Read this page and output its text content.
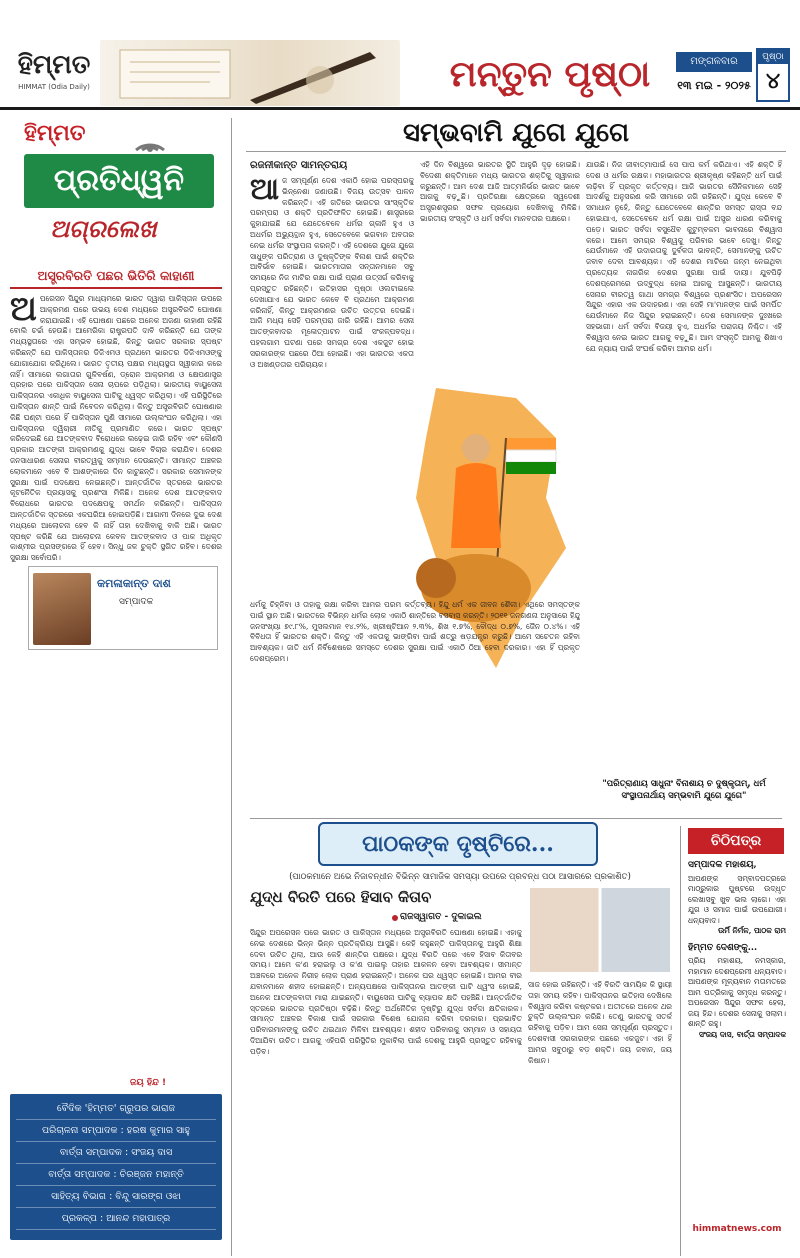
ହିମ୍ମତ
HIMMAT (Odia Daily)	ମନ୍ତୁନ ପୃଷ୍ଠା	ମଙ୍ଗଳବାର
୧୩ ମଇ - ୨୦୨୫
ପୃଷ୍ଠା
୪
ହିମ୍ମତ
ପ୍ରତିଧ୍ୱନି
ଅଗ୍ରଲେଖ
ଅସ୍ତ୍ରବିରତି ପଛର ଭିତିରି କାହାଣୀ
ଅ ପରେସନ ସିନ୍ଦୁର ମାଧ୍ୟମରେ ଭାରତ ଦ୍ୱାରା ପାକିସ୍ତାନ ଉପରେ ଆକ୍ରମଣ ପରେ ଉଭୟ ଦେଶ ମଧ୍ୟରେ ଅସ୍ତ୍ରବିରତି ଘୋଷଣା କରାଯାଇଛି। ଏହି ଘୋଷଣା ପଛରେ ଅନେକ ଅଜଣା କାହାଣୀ ରହିଛି ବୋଲି ଚର୍ଚ୍ଚା ହେଉଛି। ଆମେରିକା ରାଷ୍ଟ୍ରପତି ଦାବି କରିଛନ୍ତି ଯେ ତାଙ୍କ ମଧ୍ୟସ୍ଥତାରେ ଏହା ସମ୍ଭବ ହୋଇଛି, କିନ୍ତୁ ଭାରତ ସରକାର ସ୍ପଷ୍ଟ କରିଛନ୍ତି ଯେ ପାକିସ୍ତାନର ଡିଜିଏମଓ ପ୍ରଥମେ ଭାରତର ଡିଜିଏମଓଙ୍କୁ ଯୋଗାଯୋଗ କରିଥିଲେ। ଭାରତ ତୃତୀୟ ପକ୍ଷର ମଧ୍ୟସ୍ଥତା ସ୍ୱୀକାର କରେ ନାହିଁ। ସୀମାରେ ଲଗାତାର ଗୁଳିବର୍ଷଣ, ଡ୍ରୋନ ଆକ୍ରମଣ ଓ କ୍ଷେପଣାସ୍ତ୍ର ପ୍ରହାର ପରେ ପାକିସ୍ତାନ ସେନା ଚାପରେ ପଡ଼ିଥିଲା। ଭାରତୀୟ ବାୟୁସେନା ପାକିସ୍ତାନର ଏକାଧିକ ବାୟୁସେନା ଘାଟିକୁ ଧ୍ୱସ୍ତ କରିଥିଲା। ଏହି ପରିସ୍ଥିତିରେ ପାକିସ୍ତାନ ଶାନ୍ତି ପାଇଁ ନିବେଦନ କରିଥିଲା। କିନ୍ତୁ ଅସ୍ତ୍ରବିରତି ଘୋଷଣାର କିଛି ଘଣ୍ଟା ପରେ ହିଁ ପାକିସ୍ତାନ ପୁଣି ସୀମାରେ ଉଲ୍ଲଂଘନ କରିଥିଲା। ଏହା ପାକିସ୍ତାନର ଦ୍ୱିଚାରୀ ନୀତିକୁ ପ୍ରମାଣିତ କରେ। ଭାରତ ସ୍ପଷ୍ଟ କରିଦେଇଛି ଯେ ଆତଙ୍କବାଦ ବିରୋଧରେ ଲଢ଼େଇ ଜାରି ରହିବ ଏବଂ କୌଣସି ପ୍ରକାର ଆତଙ୍କୀ ଆକ୍ରମଣକୁ ଯୁଦ୍ଧ ଭାବେ ବିଚାର କରାଯିବ। ଦେଶର ଜନସାଧାରଣ ସେନାର ବୀରତ୍ୱକୁ ସମ୍ମାନ ଦେଉଛନ୍ତି। ସୀମାନ୍ତ ଅଞ୍ଚଳର ଲୋକମାନେ ଏବେ ବି ଆଶଙ୍କାରେ ଦିନ କାଟୁଛନ୍ତି। ସରକାର ସେମାନଙ୍କ ସୁରକ୍ଷା ପାଇଁ ପଦକ୍ଷେପ ନେଇଛନ୍ତି। ଆନ୍ତର୍ଜାତିକ ସ୍ତରରେ ଭାରତର କୂଟନୈତିକ ପ୍ରୟାସକୁ ପ୍ରଶଂସା ମିଳିଛି। ଅନେକ ଦେଶ ଆତଙ୍କବାଦ ବିରୋଧରେ ଭାରତର ପଦକ୍ଷେପକୁ ସମର୍ଥନ କରିଛନ୍ତି। ପାକିସ୍ତାନ ଆନ୍ତର୍ଜାତିକ ସ୍ତରରେ ଏକଘରିଆ ହୋଇପଡ଼ିଛି। ଆଗାମୀ ଦିନରେ ଦୁଇ ଦେଶ ମଧ୍ୟରେ ଆଲୋଚନା ହେବ କି ନାହିଁ ତାହା ଦେଖିବାକୁ ବାକି ଅଛି। ଭାରତ ସ୍ପଷ୍ଟ କରିଛି ଯେ ଆଲୋଚନା କେବଳ ଆତଙ୍କବାଦ ଓ ପାକ ଅଧିକୃତ କାଶ୍ମୀର ପ୍ରସଙ୍ଗରେ ହିଁ ହେବ। ସିନ୍ଧୁ ଜଳ ଚୁକ୍ତି ସ୍ଥଗିତ ରହିବ। ଦେଶର ସୁରକ୍ଷା ସର୍ବୋପରି।
କମଳାକାନ୍ତ ଦାଶ
ସମ୍ପାଦକ
ଜୟ ହିନ୍ଦ !
ବୈଦିକ 'ହିମ୍ମତ' ଗ୍ରୁପର ଭାରାଜ
ପରିଚାଳନା ସମ୍ପାଦକ : ହରଷ କୁମାର ସାହୁ
ବାର୍ତ୍ତା ସମ୍ପାଦକ : ସଂଜୟ ଦାସ
ବାର୍ତ୍ତା ସମ୍ପାଦକ : ଚିରଞ୍ଜନ ମହାନ୍ତି
ସାହିତ୍ୟ ବିଭାଗ : ବିନ୍ଦୁ ସାରଙ୍ଗ ଓଝା
ପ୍ରକଳ୍ପ : ଆନନ୍ଦ ମହାପାତ୍ର
ସମ୍ଭବାମି ଯୁଗେ ଯୁଗେ
ରଜନୀକାନ୍ତ ସାମନ୍ତରାୟ
ଆ ଜ ସମ୍ପୂର୍ଣ୍ଣ ଦେଶ ଏକାଠି ହୋଇ ପରସ୍ପରକୁ ଭିନ୍ନେଶା ଜଣାଉଛି। ବିଜୟ ଉତ୍ସବ ପାଳନ କରିଛନ୍ତି। ଏହି ଗତିରେ ଭାରତର ସାଂସ୍କୃତିକ ପରମ୍ପରା ଓ ଶକ୍ତି ପ୍ରତିଫଳିତ ହୋଇଛି। ଶାସ୍ତ୍ରରେ କୁହାଯାଇଛି ଯେ ଯେତେବେଳେ ଧର୍ମର ଗ୍ଳାନି ହୁଏ ଓ ଅଧର୍ମର ଅଭ୍ୟୁତ୍ଥାନ ହୁଏ, ସେତେବେଳେ ଭଗବାନ ଅବତାର ନେଇ ଧର୍ମର ସଂସ୍ଥାପନା କରନ୍ତି। ଏହି ଦେଶରେ ଯୁଗେ ଯୁଗେ ସାଧୁଙ୍କ ପରିତ୍ରାଣ ଓ ଦୁଷ୍କୃତିଙ୍କ ବିନାଶ ପାଇଁ ଶକ୍ତିର ଆବିର୍ଭାବ ହୋଇଛି। ଭାରତମାତାର ସନ୍ତାନମାନେ ସବୁ ସମୟରେ ନିଜ ମାଟିର ରକ୍ଷା ପାଇଁ ପ୍ରାଣ ଉତ୍ସର୍ଗ କରିବାକୁ ପ୍ରସ୍ତୁତ ରହିଛନ୍ତି। ଇତିହାସର ପୃଷ୍ଠା ଓଲଟାଇଲେ ଦେଖାଯାଏ ଯେ ଭାରତ କେବେ ବି ପ୍ରଥମେ ଆକ୍ରମଣ କରିନାହିଁ, କିନ୍ତୁ ଆକ୍ରମଣର ଉଚିତ ଉତ୍ତର ଦେଇଛି। ଆଜି ମଧ୍ୟ ସେହି ପରମ୍ପରା ଜାରି ରହିଛି। ଆମର ସେନା ଆତଙ୍କବାଦର ମୂଳୋତ୍ପାଟନ ପାଇଁ ସଂକଳ୍ପବଦ୍ଧ। ପହଲଗାମ ଘଟଣା ପରେ ସମଗ୍ର ଦେଶ ଏକଜୁଟ ହୋଇ ସରକାରଙ୍କ ପଛରେ ଠିଆ ହୋଇଛି। ଏହା ଭାରତର ଏକତା ଓ ଅଖଣ୍ଡତାର ପରିଚାୟକ।
ଏହି ଦିନ ବିଶ୍ୱରେ ଭାରତର ସ୍ଥିତି ଆହୁରି ଦୃଢ଼ ହୋଇଛି। ବିଦେଶୀ ଶକ୍ତିମାନେ ମଧ୍ୟ ଭାରତର ଶକ୍ତିକୁ ସ୍ୱୀକାର କରୁଛନ୍ତି। ଆମ ଦେଶ ଆଜି ଆତ୍ମନିର୍ଭର ଭାରତ ଭାବେ ଆଗକୁ ବଢ଼ୁଛି। ପ୍ରତିରକ୍ଷା କ୍ଷେତ୍ରରେ ସ୍ୱଦେଶୀ ଅସ୍ତ୍ରଶସ୍ତ୍ରର ସଫଳ ପ୍ରୟୋଗ ଦେଖିବାକୁ ମିଳିଛି। ଭାରତୀୟ ସଂସ୍କୃତି ଓ ଧର୍ମ ସର୍ବଦା ମାନବତାର ପକ୍ଷରେ।
ଯାଉଛି। ନିଜ ଜୀବାତ୍ମାପାଇଁ ସେ ପାପ କର୍ମ କରିଥାଏ। ଏହି ଶକ୍ତି ହିଁ ଦେଶ ଓ ଧର୍ମର ରକ୍ଷକ। ମହାଭାରତର ଶ୍ରୀକୃଷ୍ଣ କହିଛନ୍ତି ଧର୍ମ ପାଇଁ ଲଢ଼ିବା ହିଁ ପ୍ରକୃତ କର୍ତ୍ତବ୍ୟ। ଆଜି ଭାରତର ସୈନିକମାନେ ସେହି ଆଦର୍ଶକୁ ଅନୁସରଣ କରି ସୀମାରେ ଜଗି ରହିଛନ୍ତି। ଯୁଦ୍ଧ କେବେ ବି ସମାଧାନ ନୁହେଁ, କିନ୍ତୁ ଯେତେବେଳେ ଶାନ୍ତିର ସମସ୍ତ ରାସ୍ତା ବନ୍ଦ ହୋଇଯାଏ, ସେତେବେଳେ ଧର୍ମ ରକ୍ଷା ପାଇଁ ଅସ୍ତ୍ର ଧାରଣ କରିବାକୁ ପଡ଼େ। ଭାରତ ସର୍ବଦା ବସୁଧୈବ କୁଟୁମ୍ବକମ ଭାବନାରେ ବିଶ୍ୱାସ କରେ। ଆମେ ସମଗ୍ର ବିଶ୍ୱକୁ ପରିବାର ଭାବେ ଦେଖୁ। କିନ୍ତୁ ଯେଉଁମାନେ ଏହି ଉଦାରତାକୁ ଦୁର୍ବଳତା ଭାବନ୍ତି, ସେମାନଙ୍କୁ ଉଚିତ ଜବାବ ଦେବା ଆବଶ୍ୟକ। ଏହି ଦେଶର ମାଟିରେ ଜନ୍ମ ନେଇଥିବା ପ୍ରତ୍ୟେକ ନାଗରିକ ଦେଶର ସୁରକ୍ଷା ପାଇଁ ଦାୟୀ। ଯୁବପିଢ଼ି ଦେଶପ୍ରେମରେ ଉଦ୍ବୁଦ୍ଧ ହୋଇ ଆଗକୁ ଆସୁଛନ୍ତି। ଭାରତୀୟ ସେନାର ବୀରତ୍ୱ ଗାଥା ସମଗ୍ର ବିଶ୍ୱରେ ପ୍ରଶଂସିତ। ଅପରେସନ ସିନ୍ଦୁର ଏହାର ଏକ ଉଦାହରଣ। ଏହା ସେହି ମା'ମାନଙ୍କ ପାଇଁ ସମର୍ପିତ ଯେଉଁମାନେ ନିଜ ସିନ୍ଦୁର ହରାଇଛନ୍ତି। ଦେଶ ସେମାନଙ୍କ ଦୁଃଖରେ ସହଭାଗୀ। ଧର୍ମ ସର୍ବଦା ବିଜୟୀ ହୁଏ, ଅଧର୍ମର ପରାଜୟ ନିଶ୍ଚିତ। ଏହି ବିଶ୍ୱାସ ନେଇ ଭାରତ ଆଗକୁ ବଢ଼ୁଛି। ଆମ ସଂସ୍କୃତି ଆମକୁ ଶିଖାଏ ଯେ ନ୍ୟାୟ ପାଇଁ ସଂଘର୍ଷ କରିବା ଆମର ଧର୍ମ।
ଧର୍ମକୁ ଚିହ୍ନିବା ଓ ତାହାକୁ ରକ୍ଷା କରିବା ଆମର ପରମ କର୍ତ୍ତବ୍ୟ। ହିନ୍ଦୁ ଧର୍ମ ଏକ ଜୀବନ ଶୈଳୀ। ଏଥିରେ ସମସ୍ତଙ୍କ ପାଇଁ ସ୍ଥାନ ଅଛି। ଭାରତରେ ବିଭିନ୍ନ ଧର୍ମର ଲୋକ ଏକାଠି ଶାନ୍ତିରେ ବସବାସ କରନ୍ତି। ୨୦୧୧ ଜନଗଣନା ଅନୁସାରେ ହିନ୍ଦୁ ଜନସଂଖ୍ୟା ୭୯.୮%, ମୁସଲମାନ ୧୪.୨%, ଖ୍ରୀଷ୍ଟିଆନ ୨.୩%, ଶିଖ ୧.୭%, ବୌଦ୍ଧ ୦.୭%, ଜୈନ ୦.୪%। ଏହି ବିବିଧତା ହିଁ ଭାରତର ଶକ୍ତି। କିନ୍ତୁ ଏହି ଏକତାକୁ ଭାଙ୍ଗିବା ପାଇଁ ଶତ୍ରୁ ଷଡ଼ଯନ୍ତ୍ର କରୁଛି। ଆମେ ସଚେତନ ରହିବା ଆବଶ୍ୟକ। ଜାତି ଧର୍ମ ନିର୍ବିଶେଷରେ ସମସ୍ତେ ଦେଶର ସୁରକ୍ଷା ପାଇଁ ଏକାଠି ଠିଆ ହେବା ଦରକାର। ଏହା ହିଁ ପ୍ରକୃତ ଦେଶପ୍ରେମ।
"ପରିତ୍ରାଣାୟ ସାଧୁନାଂ ବିନାଶାୟ ଚ ଦୁଷ୍କୃତାମ୍, ଧର୍ମ ସଂସ୍ଥାପନାର୍ଥାୟ ସମ୍ଭବାମି ଯୁଗେ ଯୁଗେ"
ପାଠକଙ୍କ ଦୃଷ୍ଟିରେ...
(ପାଠକମାନେ ଅଭେ ନିଜାବନ୍ଧୀନ ବିଭିନ୍ନ ସାମାଜିକ ସମସ୍ୟା ଉପରେ ପ୍ରବନ୍ଧ ପଠା ଆସାରରେ ପ୍ରକାଶିତ)
ଯୁଦ୍ଧ ବିରତି ପରେ ହିସାବ କିତାବ
ରାଜସ୍ୱାଗତ - ଦୁକାଇଲ
ସିନ୍ଦୁର ଅପରେସନ ପରେ ଭାରତ ଓ ପାକିସ୍ତାନ ମଧ୍ୟରେ ଅସ୍ତ୍ରବିରତି ଘୋଷଣା ହୋଇଛି। ଏହାକୁ ନେଇ ଦେଶରେ ଭିନ୍ନ ଭିନ୍ନ ପ୍ରତିକ୍ରିୟା ଆସୁଛି। କେହି କହୁଛନ୍ତି ପାକିସ୍ତାନକୁ ଆହୁରି ଶିକ୍ଷା ଦେବା ଉଚିତ ଥିଲା, ଆଉ କେହି ଶାନ୍ତିର ପକ୍ଷରେ। ଯୁଦ୍ଧ ବିରତି ପରେ ଏବେ ହିସାବ କିତାବର ସମୟ। ଆମେ କ'ଣ ହରାଇଲୁ ଓ କ'ଣ ପାଇଲୁ ତାହାର ଆକଳନ ହେବା ଆବଶ୍ୟକ। ସୀମାନ୍ତ ଅଞ୍ଚଳରେ ଅନେକ ନିରୀହ ଲୋକ ପ୍ରାଣ ହରାଇଛନ୍ତି। ଅନେକ ଘର ଧ୍ୱସ୍ତ ହୋଇଛି। ଆମର ବୀର ଯବାନମାନେ ଶହୀଦ ହୋଇଛନ୍ତି। ଅନ୍ୟପକ୍ଷରେ ପାକିସ୍ତାନର ଆତଙ୍କୀ ଘାଟି ଧ୍ୱଂସ ହୋଇଛି, ଅନେକ ଆତଙ୍କବାଦୀ ମାରା ଯାଇଛନ୍ତି। ବାୟୁସେନା ଘାଟିକୁ ବ୍ୟାପକ କ୍ଷତି ପହଞ୍ଚିଛି। ଆନ୍ତର୍ଜାତିକ ସ୍ତରରେ ଭାରତର ପ୍ରତିଷ୍ଠା ବଢ଼ିଛି। କିନ୍ତୁ ଅର୍ଥନୈତିକ ଦୃଷ୍ଟିରୁ ଯୁଦ୍ଧ ସର୍ବଦା କ୍ଷତିକାରକ। ସୀମାନ୍ତ ଅଞ୍ଚଳର ବିକାଶ ପାଇଁ ସରକାର ବିଶେଷ ଯୋଜନା କରିବା ଦରକାର। ପ୍ରଭାବିତ ପରିବାରମାନଙ୍କୁ ଉଚିତ ଥଇଥାନ ମିଳିବା ଆବଶ୍ୟକ। ଶହୀଦ ପରିବାରକୁ ସମ୍ମାନ ଓ ସହାୟତା ଦିଆଯିବା ଉଚିତ। ଆଗକୁ ଏହିପରି ପରିସ୍ଥିତିର ମୁକାବିଲା ପାଇଁ ଦେଶକୁ ଆହୁରି ପ୍ରସ୍ତୁତ ରହିବାକୁ ପଡ଼ିବ।
ସାଜ ହୋଇ ରହିଛନ୍ତି। ଏହି ବିରତି ସାମୟିକ କି ସ୍ଥାୟୀ ତାହା ସମୟ କହିବ। ପାକିସ୍ତାନର ଇତିହାସ ଦେଖିଲେ ବିଶ୍ୱାସ କରିବା କଷ୍ଟକର। ଅତୀତରେ ଅନେକ ଥର ଚୁକ୍ତି ଉଲ୍ଲଂଘନ କରିଛି। ତେଣୁ ଭାରତକୁ ସତର୍କ ରହିବାକୁ ପଡ଼ିବ। ଆମ ସେନା ସମ୍ପୂର୍ଣ୍ଣ ପ୍ରସ୍ତୁତ। ଦେଶବାସୀ ସରକାରଙ୍କ ପଛରେ ଏକଜୁଟ। ଏହା ହିଁ ଆମର ସବୁଠାରୁ ବଡ଼ ଶକ୍ତି। ଜୟ ଜବାନ, ଜୟ କିଷାନ।
ଚିଠିପତ୍ର
ସମ୍ପାଦକ ମହାଶୟ,
ଆପଣଙ୍କ ସମ୍ବାଦପତ୍ରରେ ମାଠ୍ରୁକାର ପୁଷ୍ଟରେ ଉଦ୍ଧୃତ ଲେଖାସବୁ ଖୁବ ଭଲ ଲାଗେ। ଏହା ଯୁଗ ଓ ସମାଜ ପାଇଁ ଉପଯୋଗୀ। ଧନ୍ୟବାଦ।
ଉର୍ମି ନିର୍ମଳ, ପାଠକ ରାମ
ହିମ୍ମତ ଦେଶଙ୍କୁ...
ପ୍ରିୟ ମହାଶୟ, ନମସ୍କାର, ମହାମାନ ଦେଶପ୍ରେମୀ ଧନ୍ୟବାଦ। ଆପଣଙ୍କ ମୂଳ୍ୟବାନ ମତାମତରେ ଆମ ପତ୍ରିକାକୁ ସମୃଦ୍ଧ କରନ୍ତୁ। ଅପରେସନ ସିନ୍ଦୁର ସଫଳ ହେଲା, ଜୟ ହିନ୍ଦ। ଦେଶର ସେନାକୁ ସଲାମ। ଶାନ୍ତି ରହୁ।
ସଂଜୟ ଦାସ, ବାର୍ତ୍ତା ସମ୍ପାଦକ
himmatnews.com
